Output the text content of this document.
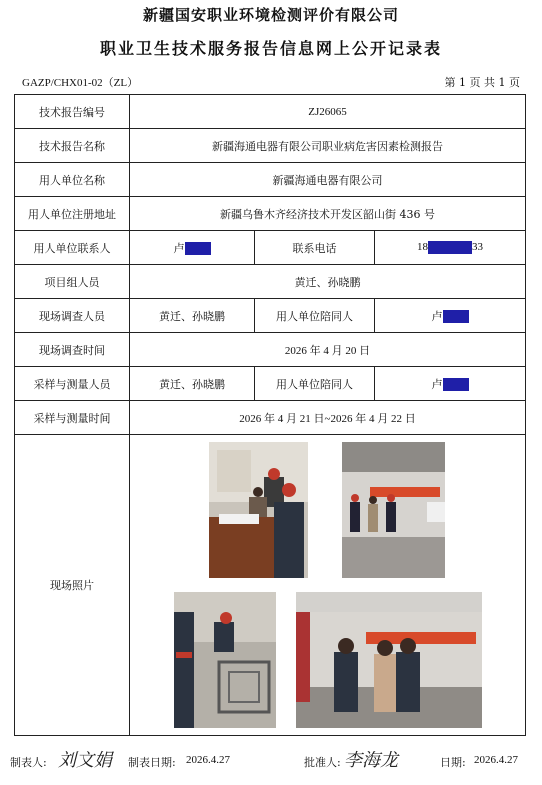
新疆国安职业环境检测评价有限公司
职业卫生技术服务报告信息网上公开记录表
GAZP/CHX01-02（ZL）	第 1 页 共 1 页
技术报告编号	ZJ26065		
技术报告名称	新疆海通电器有限公司职业病危害因素检测报告		
用人单位名称	新疆海通电器有限公司		
用人单位注册地址	新疆乌鲁木齐经济技术开发区韶山街 436 号		
用人单位联系人	卢	联系电话	18 33
项目组人员	黄迁、孙晓鹏		
现场调查人员	黄迁、孙晓鹏	用人单位陪同人	卢
现场调查时间	2026 年 4 月 20 日		
采样与测量人员	黄迁、孙晓鹏	用人单位陪同人	卢
采样与测量时间	2026 年 4 月 21 日~2026 年 4 月 22 日		
现场照片	
制表人: 刘文娟 制表日期: 2026.4.27	批准人: 李海龙	日期: 2026.4.27
